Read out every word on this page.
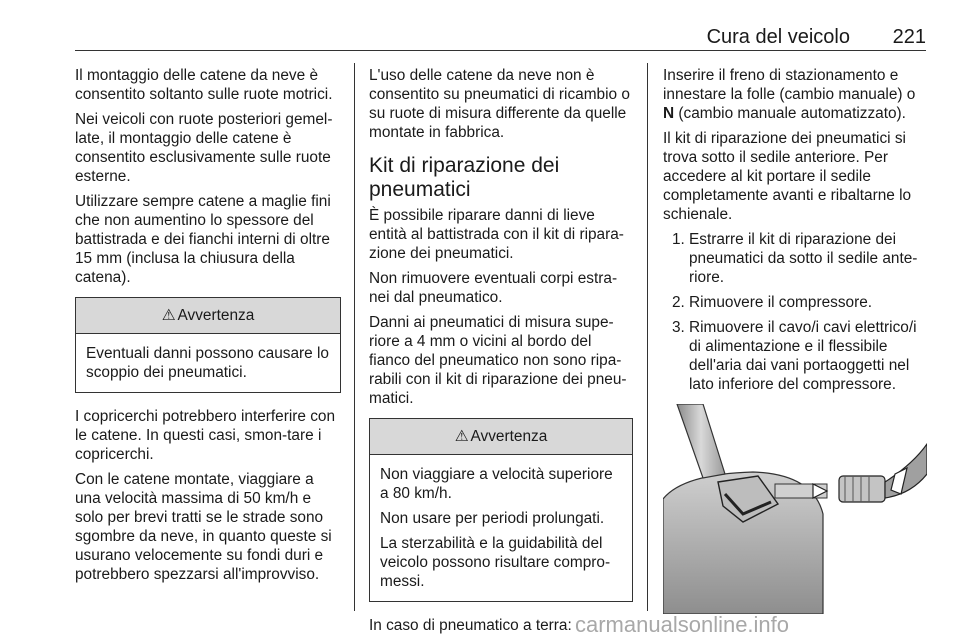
Cura del veicolo 221

Il montaggio delle catene da neve è consentito soltanto sulle ruote motrici.

Nei veicoli con ruote posteriori gemel-late, il montaggio delle catene è consentito esclusivamente sulle ruote esterne.

Utilizzare sempre catene a maglie fini che non aumentino lo spessore del battistrada e dei fianchi interni di oltre 15 mm (inclusa la chiusura della catena).

⚠ Avvertenza

Eventuali danni possono causare lo scoppio dei pneumatici.

I copricerchi potrebbero interferire con le catene. In questi casi, smon-tare i copricerchi.

Con le catene montate, viaggiare a una velocità massima di 50 km/h e solo per brevi tratti se le strade sono sgombre da neve, in quanto queste si usurano velocemente su fondi duri e potrebbero spezzarsi all'improvviso.

L'uso delle catene da neve non è consentito su pneumatici di ricambio o su ruote di misura differente da quelle montate in fabbrica.

Kit di riparazione dei pneumatici

È possibile riparare danni di lieve entità al battistrada con il kit di ripara-zione dei pneumatici.

Non rimuovere eventuali corpi estra-nei dal pneumatico.

Danni ai pneumatici di misura supe-riore a 4 mm o vicini al bordo del fianco del pneumatico non sono ripa-rabili con il kit di riparazione dei pneu-matici.

⚠ Avvertenza

Non viaggiare a velocità superiore a 80 km/h.

Non usare per periodi prolungati.

La sterzabilità e la guidabilità del veicolo possono risultare compro-messi.

In caso di pneumatico a terra:

Inserire il freno di stazionamento e innestare la folle (cambio manuale) o N (cambio manuale automatizzato).

Il kit di riparazione dei pneumatici si trova sotto il sedile anteriore. Per accedere al kit portare il sedile completamente avanti e ribaltarne lo schienale.

1. Estrarre il kit di riparazione dei pneumatici da sotto il sedile ante-riore.
2. Rimuovere il compressore.
3. Rimuovere il cavo/i cavi elettrico/i di alimentazione e il flessibile dell'aria dai vani portaoggetti nel lato inferiore del compressore.
carmanualsonline.info
